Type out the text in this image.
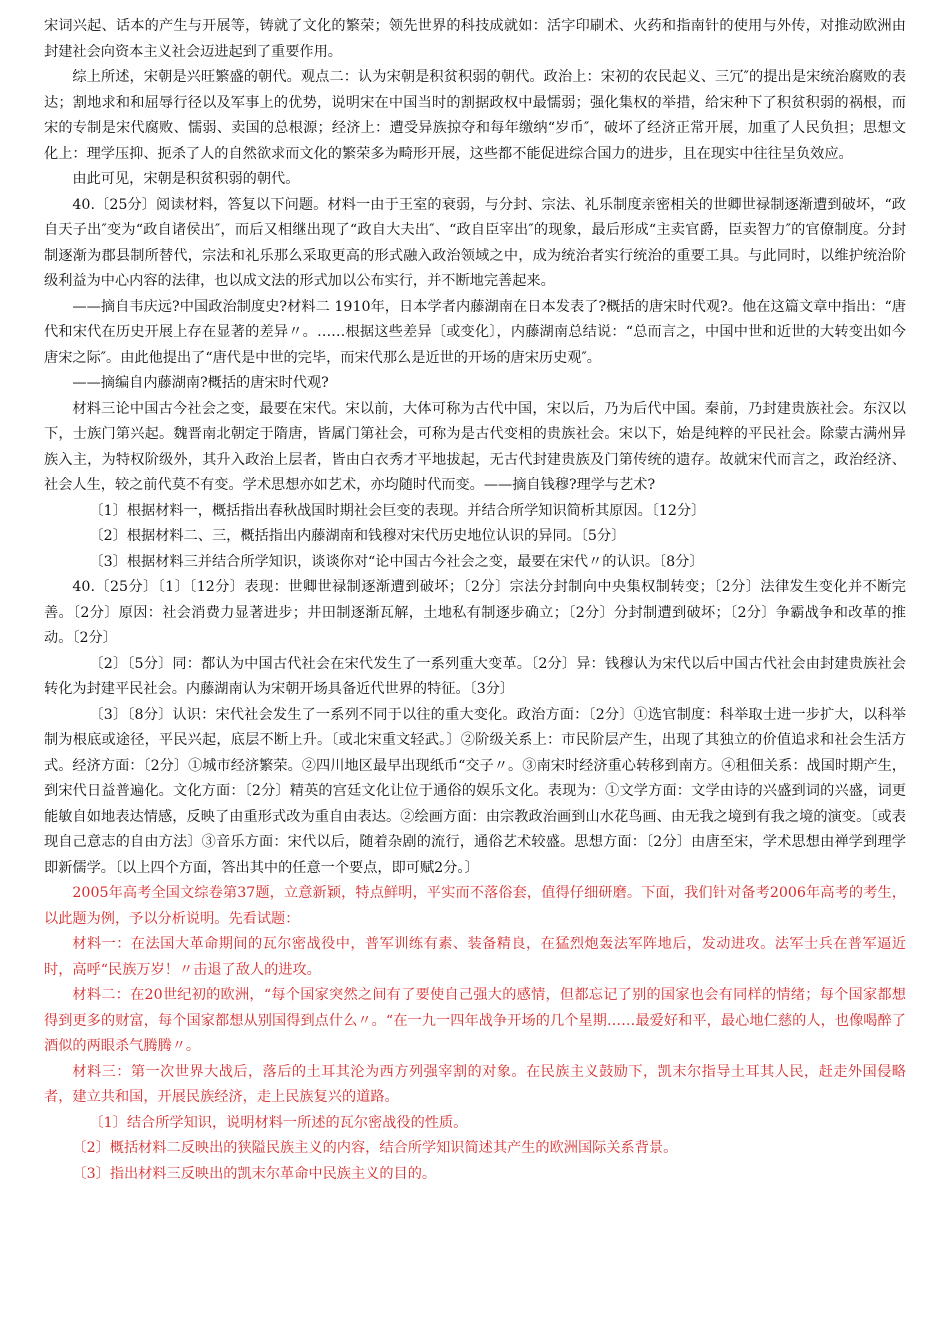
宋词兴起、话本的产生与开展等，铸就了文化的繁荣；领先世界的科技成就如：活字印刷术、火药和指南针的使用与外传，对推动欧洲由封建社会向资本主义社会迈进起到了重要作用。

综上所述，宋朝是兴旺繁盛的朝代。观点二：认为宋朝是积贫积弱的朝代。政治上：宋初的农民起义、三冗″的提出是宋统治腐败的表达；割地求和和屈辱行径以及军事上的优势，说明宋在中国当时的割据政权中最懦弱；强化集权的举措，给宋种下了积贫积弱的祸根，而宋的专制是宋代腐败、懦弱、卖国的总根源；经济上：遭受异族掠夺和每年缴纳“岁币″，破坏了经济正常开展，加重了人民负担；思想文化上：理学压抑、扼杀了人的自然欲求而文化的繁荣多为畸形开展，这些都不能促进综合国力的进步，且在现实中往往呈负效应。

由此可见，宋朝是积贫积弱的朝代。

40.〔25分〕阅读材料，答复以下问题。材料一由于王室的衰弱，与分封、宗法、礼乐制度亲密相关的世卿世禄制逐渐遭到破坏，“政自天子出″变为“政自诸侯出″，而后又相继出现了“政自大夫出″、“政自臣宰出″的现象，最后形成“主卖官爵，臣卖智力″的官僚制度。分封制逐渐为郡县制所替代，宗法和礼乐那么采取更高的形式融入政治领域之中，成为统治者实行统治的重要工具。与此同时，以维护统治阶级利益为中心内容的法律，也以成文法的形式加以公布实行，并不断地完善起来。

——摘自韦庆远?中国政治制度史?材料二 1910年，日本学者内藤湖南在日本发表了?概括的唐宋时代观?。他在这篇文章中指出：“唐代和宋代在历史开展上存在显著的差异〃。……根据这些差异〔或变化〕，内藤湖南总结说：“总而言之，中国中世和近世的大转变出如今唐宋之际″。由此他提出了“唐代是中世的完毕，而宋代那么是近世的开场的唐宋历史观″。

——摘编自内藤湖南?概括的唐宋时代观?

材料三论中国古今社会之变，最要在宋代。宋以前，大体可称为古代中国，宋以后，乃为后代中国。秦前，乃封建贵族社会。东汉以下，士族门第兴起。魏晋南北朝定于隋唐，皆属门第社会，可称为是古代变相的贵族社会。宋以下，始是纯粹的平民社会。除蒙古满州异族入主，为特权阶级外，其升入政治上层者，皆由白衣秀才平地拔起，无古代封建贵族及门第传统的遗存。故就宋代而言之，政治经济、社会人生，较之前代莫不有变。学术思想亦如艺术，亦均随时代而变。——摘自钱穆?理学与艺术?

〔1〕根据材料一，概括指出春秋战国时期社会巨变的表现。并结合所学知识简析其原因。〔12分〕

〔2〕根据材料二、三，概括指出内藤湖南和钱穆对宋代历史地位认识的异同。〔5分〕

〔3〕根据材料三并结合所学知识，谈谈你对“论中国古今社会之变，最要在宋代〃的认识。〔8分〕

40.〔25分〕〔1〕〔12分〕表现：世卿世禄制逐渐遭到破坏；〔2分〕宗法分封制向中央集权制转变；〔2分〕法律发生变化并不断完善。〔2分〕原因：社会消费力显著进步；井田制逐渐瓦解，土地私有制逐步确立；〔2分〕分封制遭到破坏；〔2分〕争霸战争和改革的推动。〔2分〕

〔2〕〔5分〕同：都认为中国古代社会在宋代发生了一系列重大变革。〔2分〕异：钱穆认为宋代以后中国古代社会由封建贵族社会转化为封建平民社会。内藤湖南认为宋朝开场具备近代世界的特征。〔3分〕

〔3〕〔8分〕认识：宋代社会发生了一系列不同于以往的重大变化。政治方面：〔2分〕①选官制度：科举取士进一步扩大，以科举制为根底或途径，平民兴起，底层不断上升。〔或北宋重文轻武。〕②阶级关系上：市民阶层产生，出现了其独立的价值追求和社会生活方式。经济方面：〔2分〕①城市经济繁荣。②四川地区最早出现纸币“交子〃。③南宋时经济重心转移到南方。④租佃关系：战国时期产生，到宋代日益普遍化。文化方面：〔2分〕精英的宫廷文化让位于通俗的娱乐文化。表现为：①文学方面：文学由诗的兴盛到词的兴盛，词更能敏自如地表达情感，反映了由重形式改为重自由表达。②绘画方面：由宗教政治画到山水花鸟画、由无我之境到有我之境的演变。〔或表现自己意志的自由方法〕③音乐方面：宋代以后，随着杂剧的流行，通俗艺术较盛。思想方面：〔2分〕由唐至宋，学术思想由禅学到理学即新儒学。〔以上四个方面，答出其中的任意一个要点，即可赋2分。〕

2005年高考全国文综卷第37题，立意新颖，特点鲜明，平实而不落俗套，值得仔细研磨。下面，我们针对备考2006年高考的考生，以此题为例，予以分析说明。先看试题：

材料一：在法国大革命期间的瓦尔密战役中，普军训练有素、装备精良，在猛烈炮轰法军阵地后，发动进攻。法军士兵在普军逼近时，高呼“民族万岁！〃击退了敌人的进攻。

材料二：在20世纪初的欧洲，“每个国家突然之间有了要使自己强大的感情，但都忘记了别的国家也会有同样的情绪；每个国家都想得到更多的财富，每个国家都想从别国得到点什么〃。“在一九一四年战争开场的几个星期……最爱好和平，最心地仁慈的人，也像喝醉了酒似的两眼杀气腾腾〃。

材料三：第一次世界大战后，落后的土耳其沦为西方列强宰割的对象。在民族主义鼓励下，凯末尔指导土耳其人民，赶走外国侵略者，建立共和国，开展民族经济，走上民族复兴的道路。

〔1〕结合所学知识，说明材料一所述的瓦尔密战役的性质。

〔2〕概括材料二反映出的狭隘民族主义的内容，结合所学知识简述其产生的欧洲国际关系背景。

〔3〕指出材料三反映出的凯末尔革命中民族主义的目的。
